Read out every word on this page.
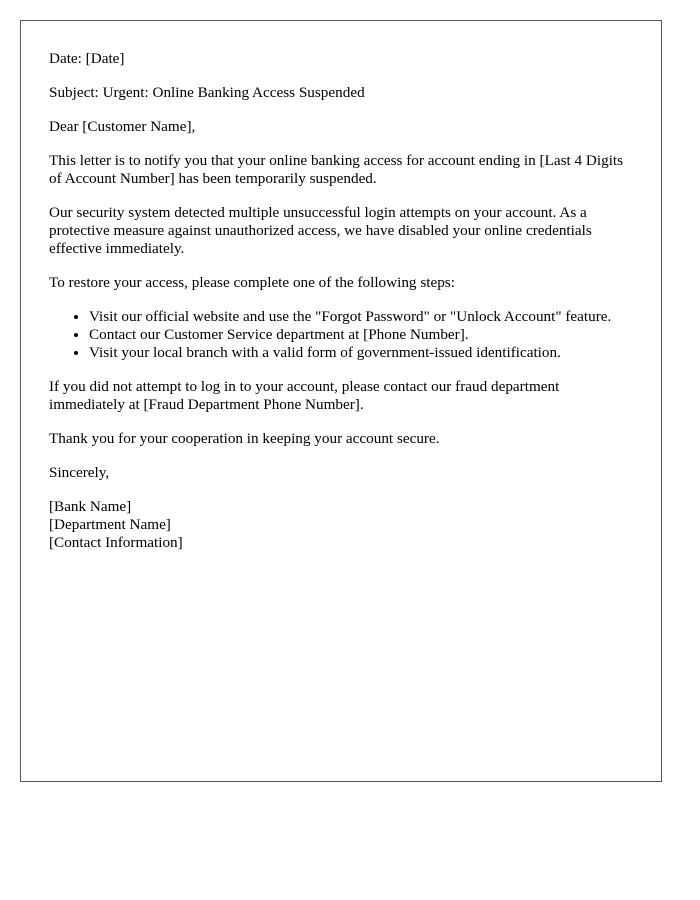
Date: [Date]

Subject: Urgent: Online Banking Access Suspended

Dear [Customer Name],

This letter is to notify you that your online banking access for account ending in [Last 4 Digits of Account Number] has been temporarily suspended.

Our security system detected multiple unsuccessful login attempts on your account. As a protective measure against unauthorized access, we have disabled your online credentials effective immediately.

To restore your access, please complete one of the following steps:

• Visit our official website and use the "Forgot Password" or "Unlock Account" feature.
• Contact our Customer Service department at [Phone Number].
• Visit your local branch with a valid form of government-issued identification.

If you did not attempt to log in to your account, please contact our fraud department immediately at [Fraud Department Phone Number].

Thank you for your cooperation in keeping your account secure.

Sincerely,

[Bank Name]
[Department Name]
[Contact Information]
